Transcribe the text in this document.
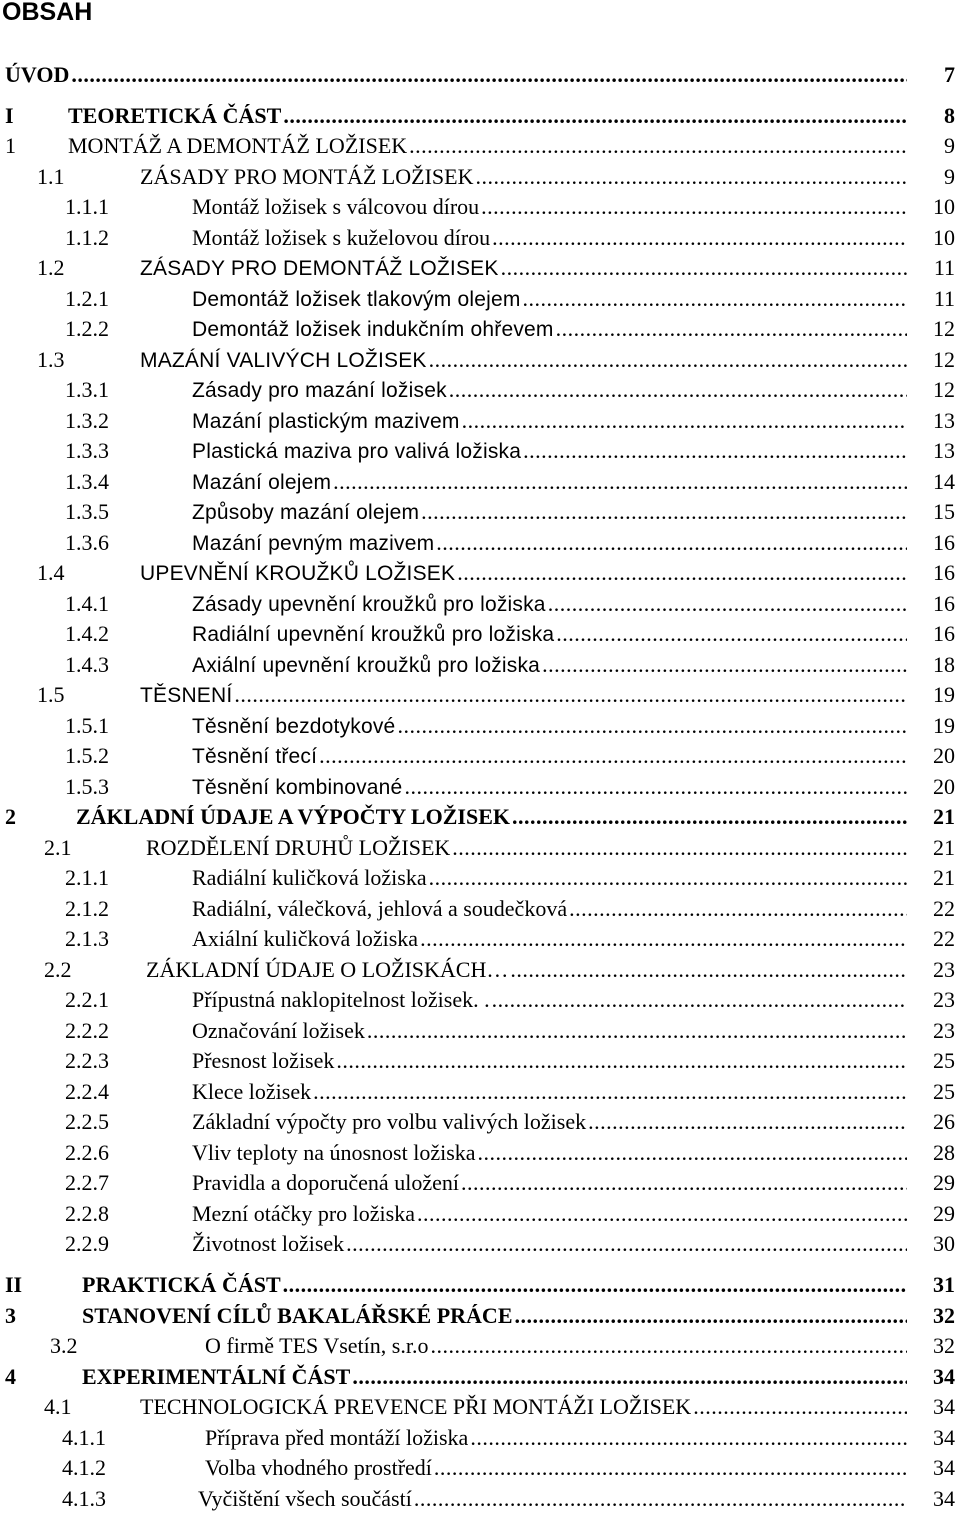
OBSAH
ÚVOD .....	7
I TEORETICKÁ ČÁST .....	8
1 MONTÁŽ A DEMONTÁŽ LOŽISEK .....	9
1.1	ZÁSADY PRO MONTÁŽ LOŽISEK .....	9
1.1.1	Montáž ložisek s válcovou dírou .....	10
1.1.2	Montáž ložisek s kuželovou dírou .....	10
1.2	ZÁSADY PRO DEMONTÁŽ LOŽISEK .....	11
1.2.1	Demontáž ložisek tlakovým olejem .....	11
1.2.2	Demontáž ložisek indukčním ohřevem .....	12
1.3	MAZÁNÍ VALIVÝCH LOŽISEK .....	12
1.3.1	Zásady pro mazání ložisek .....	12
1.3.2	Mazání plastickým mazivem .....	13
1.3.3	Plastická maziva pro valivá ložiska .....	13
1.3.4	Mazání olejem .....	14
1.3.5	Způsoby mazání olejem .....	15
1.3.6	Mazání pevným mazivem .....	16
1.4	UPEVNĚNÍ KROUŽKŮ LOŽISEK .....	16
1.4.1	Zásady upevnění kroužků pro ložiska .....	16
1.4.2	Radiální upevnění kroužků pro ložiska .....	16
1.4.3	Axiální upevnění kroužků pro ložiska .....	18
1.5	TĚSNENÍ .....	19
1.5.1	Těsnění bezdotykové .....	19
1.5.2	Těsnění třecí .....	20
1.5.3	Těsnění kombinované .....	20
2	ZÁKLADNÍ ÚDAJE A VÝPOČTY LOŽISEK .....	21
2.1	ROZDĚLENÍ DRUHŮ LOŽISEK .....	21
2.1.1	Radiální kuličková ložiska .....	21
2.1.2	Radiální, válečková, jehlová a soudečková .....	22
2.1.3	Axiální kuličková ložiska .....	22
2.2	ZÁKLADNÍ ÚDAJE O LOŽISKÁCH… .....	23
2.2.1	Přípustná naklopitelnost ložisek. . .....	23
2.2.2	Označování ložisek .....	23
2.2.3	Přesnost ložisek .....	25
2.2.4	Klece ložisek .....	25
2.2.5	Základní výpočty pro volbu valivých ložisek .....	26
2.2.6	Vliv teploty na únosnost ložiska .....	28
2.2.7	Pravidla a doporučená uložení .....	29
2.2.8	Mezní otáčky pro ložiska .....	29
2.2.9	Životnost ložisek .....	30
II	PRAKTICKÁ ČÁST .....	31
3	STANOVENÍ CÍLŮ BAKALÁŘSKÉ PRÁCE .....	32
3.2	O firmě TES Vsetín, s.r.o .....	32
4	EXPERIMENTÁLNÍ ČÁST .....	34
4.1	TECHNOLOGICKÁ PREVENCE PŘI MONTÁŽI LOŽISEK .....	34
4.1.1	Příprava před montáží ložiska .....	34
4.1.2	Volba vhodného prostředí .....	34
4.1.3	Vyčištění všech součástí .....	34
